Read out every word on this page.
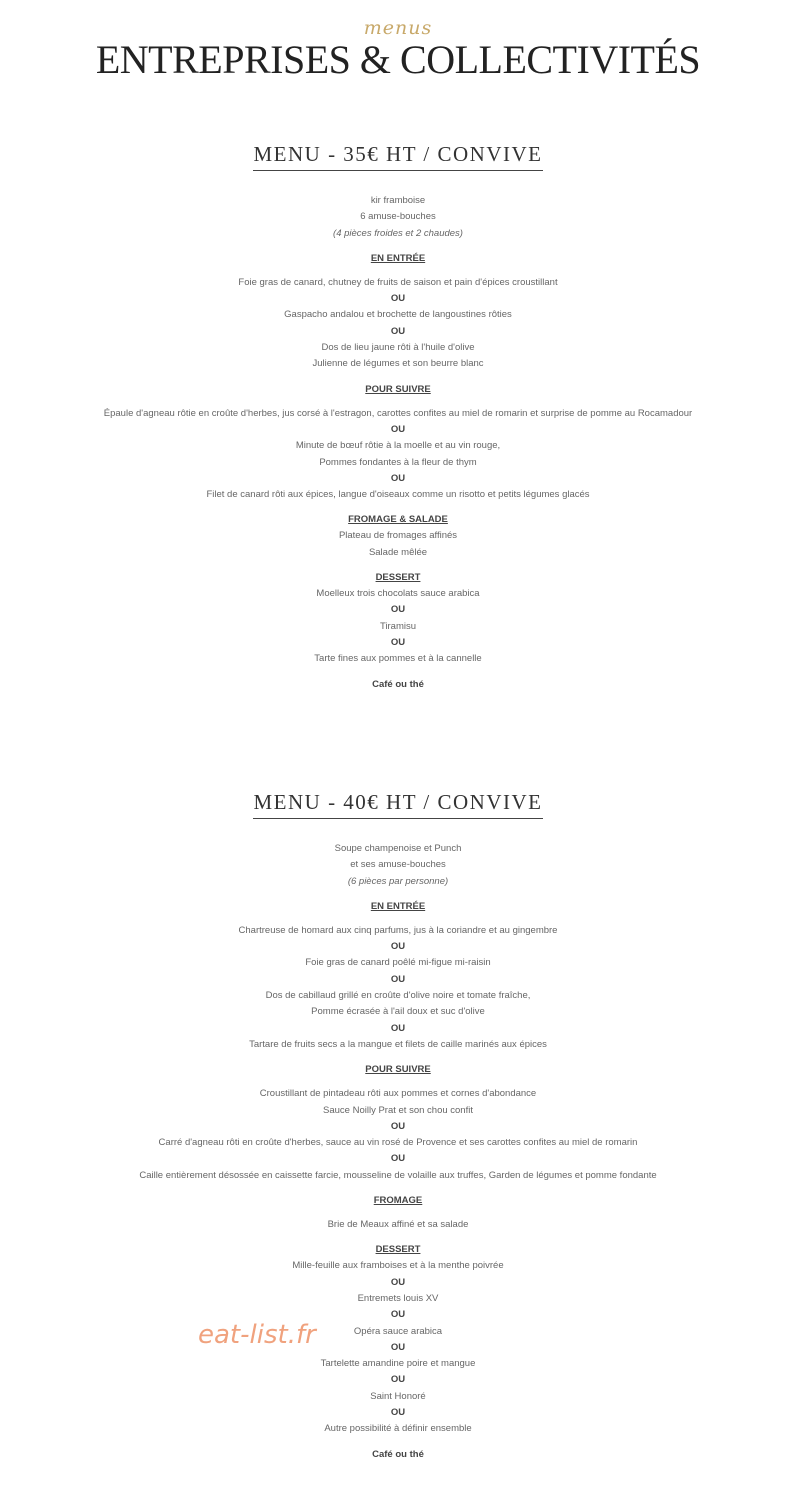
menus
ENTREPRISES & COLLECTIVITÉS
MENU - 35€ HT / CONVIVE

kir framboise

6 amuse-bouches

(4 pièces froides et 2 chaudes)

EN ENTRÉE

Foie gras de canard, chutney de fruits de saison et pain d'épices croustillant

OU

Gaspacho andalou et brochette de langoustines rôties

OU

Dos de lieu jaune rôti à l'huile d'olive

Julienne de légumes et son beurre blanc

POUR SUIVRE

Épaule d'agneau rôtie en croûte d'herbes, jus corsé à l'estragon, carottes confites au miel de romarin et surprise de pomme au Rocamadour

OU

Minute de bœuf rôtie à la moelle et au vin rouge,

Pommes fondantes à la fleur de thym

OU

Filet de canard rôti aux épices, langue d'oiseaux comme un risotto et petits légumes glacés

FROMAGE & SALADE

Plateau de fromages affinés

Salade mêlée

DESSERT

Moelleux trois chocolats sauce arabica

OU

Tiramisu

OU

Tarte fines aux pommes et à la cannelle

Café ou thé

MENU - 40€ HT / CONVIVE

Soupe champenoise et Punch

et ses amuse-bouches

(6 pièces par personne)

EN ENTRÉE

Chartreuse de homard aux cinq parfums, jus à la coriandre et au gingembre

OU

Foie gras de canard poêlé mi-figue mi-raisin

OU

Dos de cabillaud grillé en croûte d'olive noire et tomate fraîche,

Pomme écrasée à l'ail doux et suc d'olive

OU

Tartare de fruits secs a la mangue et filets de caille marinés aux épices

POUR SUIVRE

Croustillant de pintadeau rôti aux pommes et cornes d'abondance

Sauce Noilly Prat et son chou confit

OU

Carré d'agneau rôti en croûte d'herbes, sauce au vin rosé de Provence et ses carottes confites au miel de romarin

OU

Caille entièrement désossée en caissette farcie, mousseline de volaille aux truffes, Garden de légumes et pomme fondante

FROMAGE

Brie de Meaux affiné et sa salade

DESSERT

Mille-feuille aux framboises et à la menthe poivrée

OU

Entremets louis XV

OU

Opéra sauce arabica

OU

Tartelette amandine poire et mangue

OU

Saint Honoré

OU

Autre possibilité à définir ensemble

Café ou thé

eat-list.fr
